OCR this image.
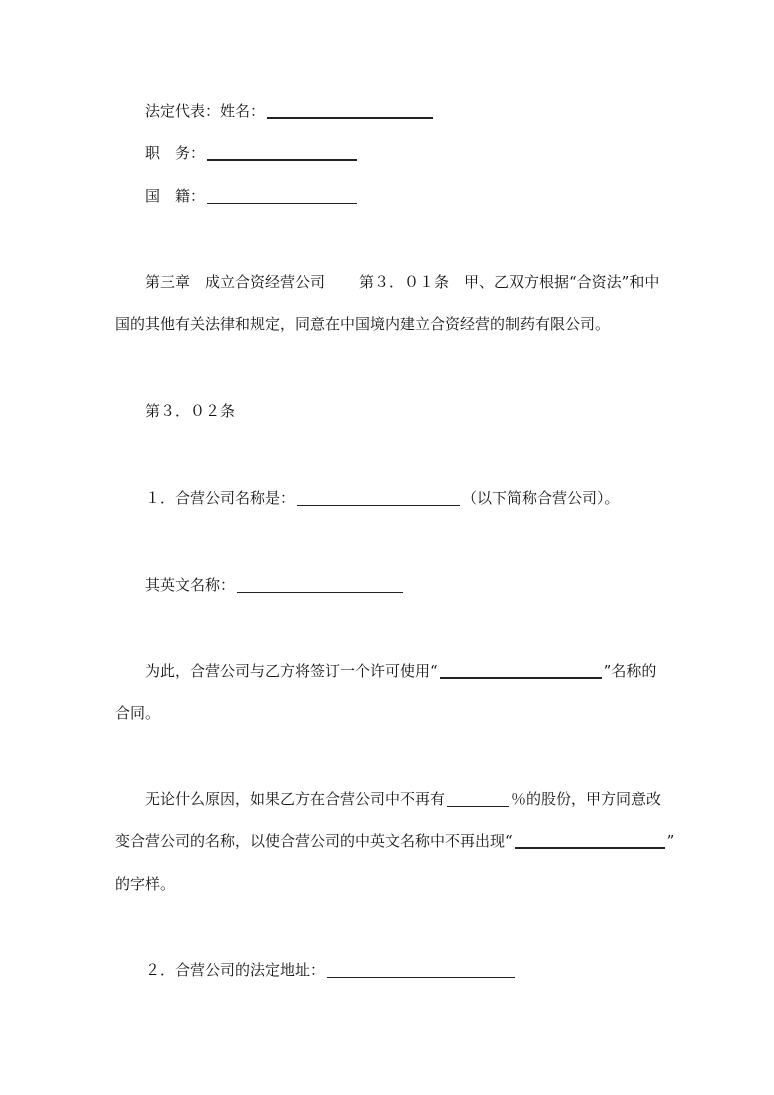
法定代表：姓名：
职　务：
国　籍：
第三章　成立合资经营公司 第３．０１条　甲、乙双方根据“合资法”和中
国的其他有关法律和规定，同意在中国境内建立合资经营的制药有限公司。
第３．０２条
１．合营公司名称是：	（以下简称合营公司）。
其英文名称：
为此，合营公司与乙方将签订一个许可使用“	”名称的
合同。
无论什么原因，如果乙方在合营公司中不再有	％的股份，甲方同意改
变合营公司的名称，以使合营公司的中英文名称中不再出现“	”
的字样。
２．合营公司的法定地址：
